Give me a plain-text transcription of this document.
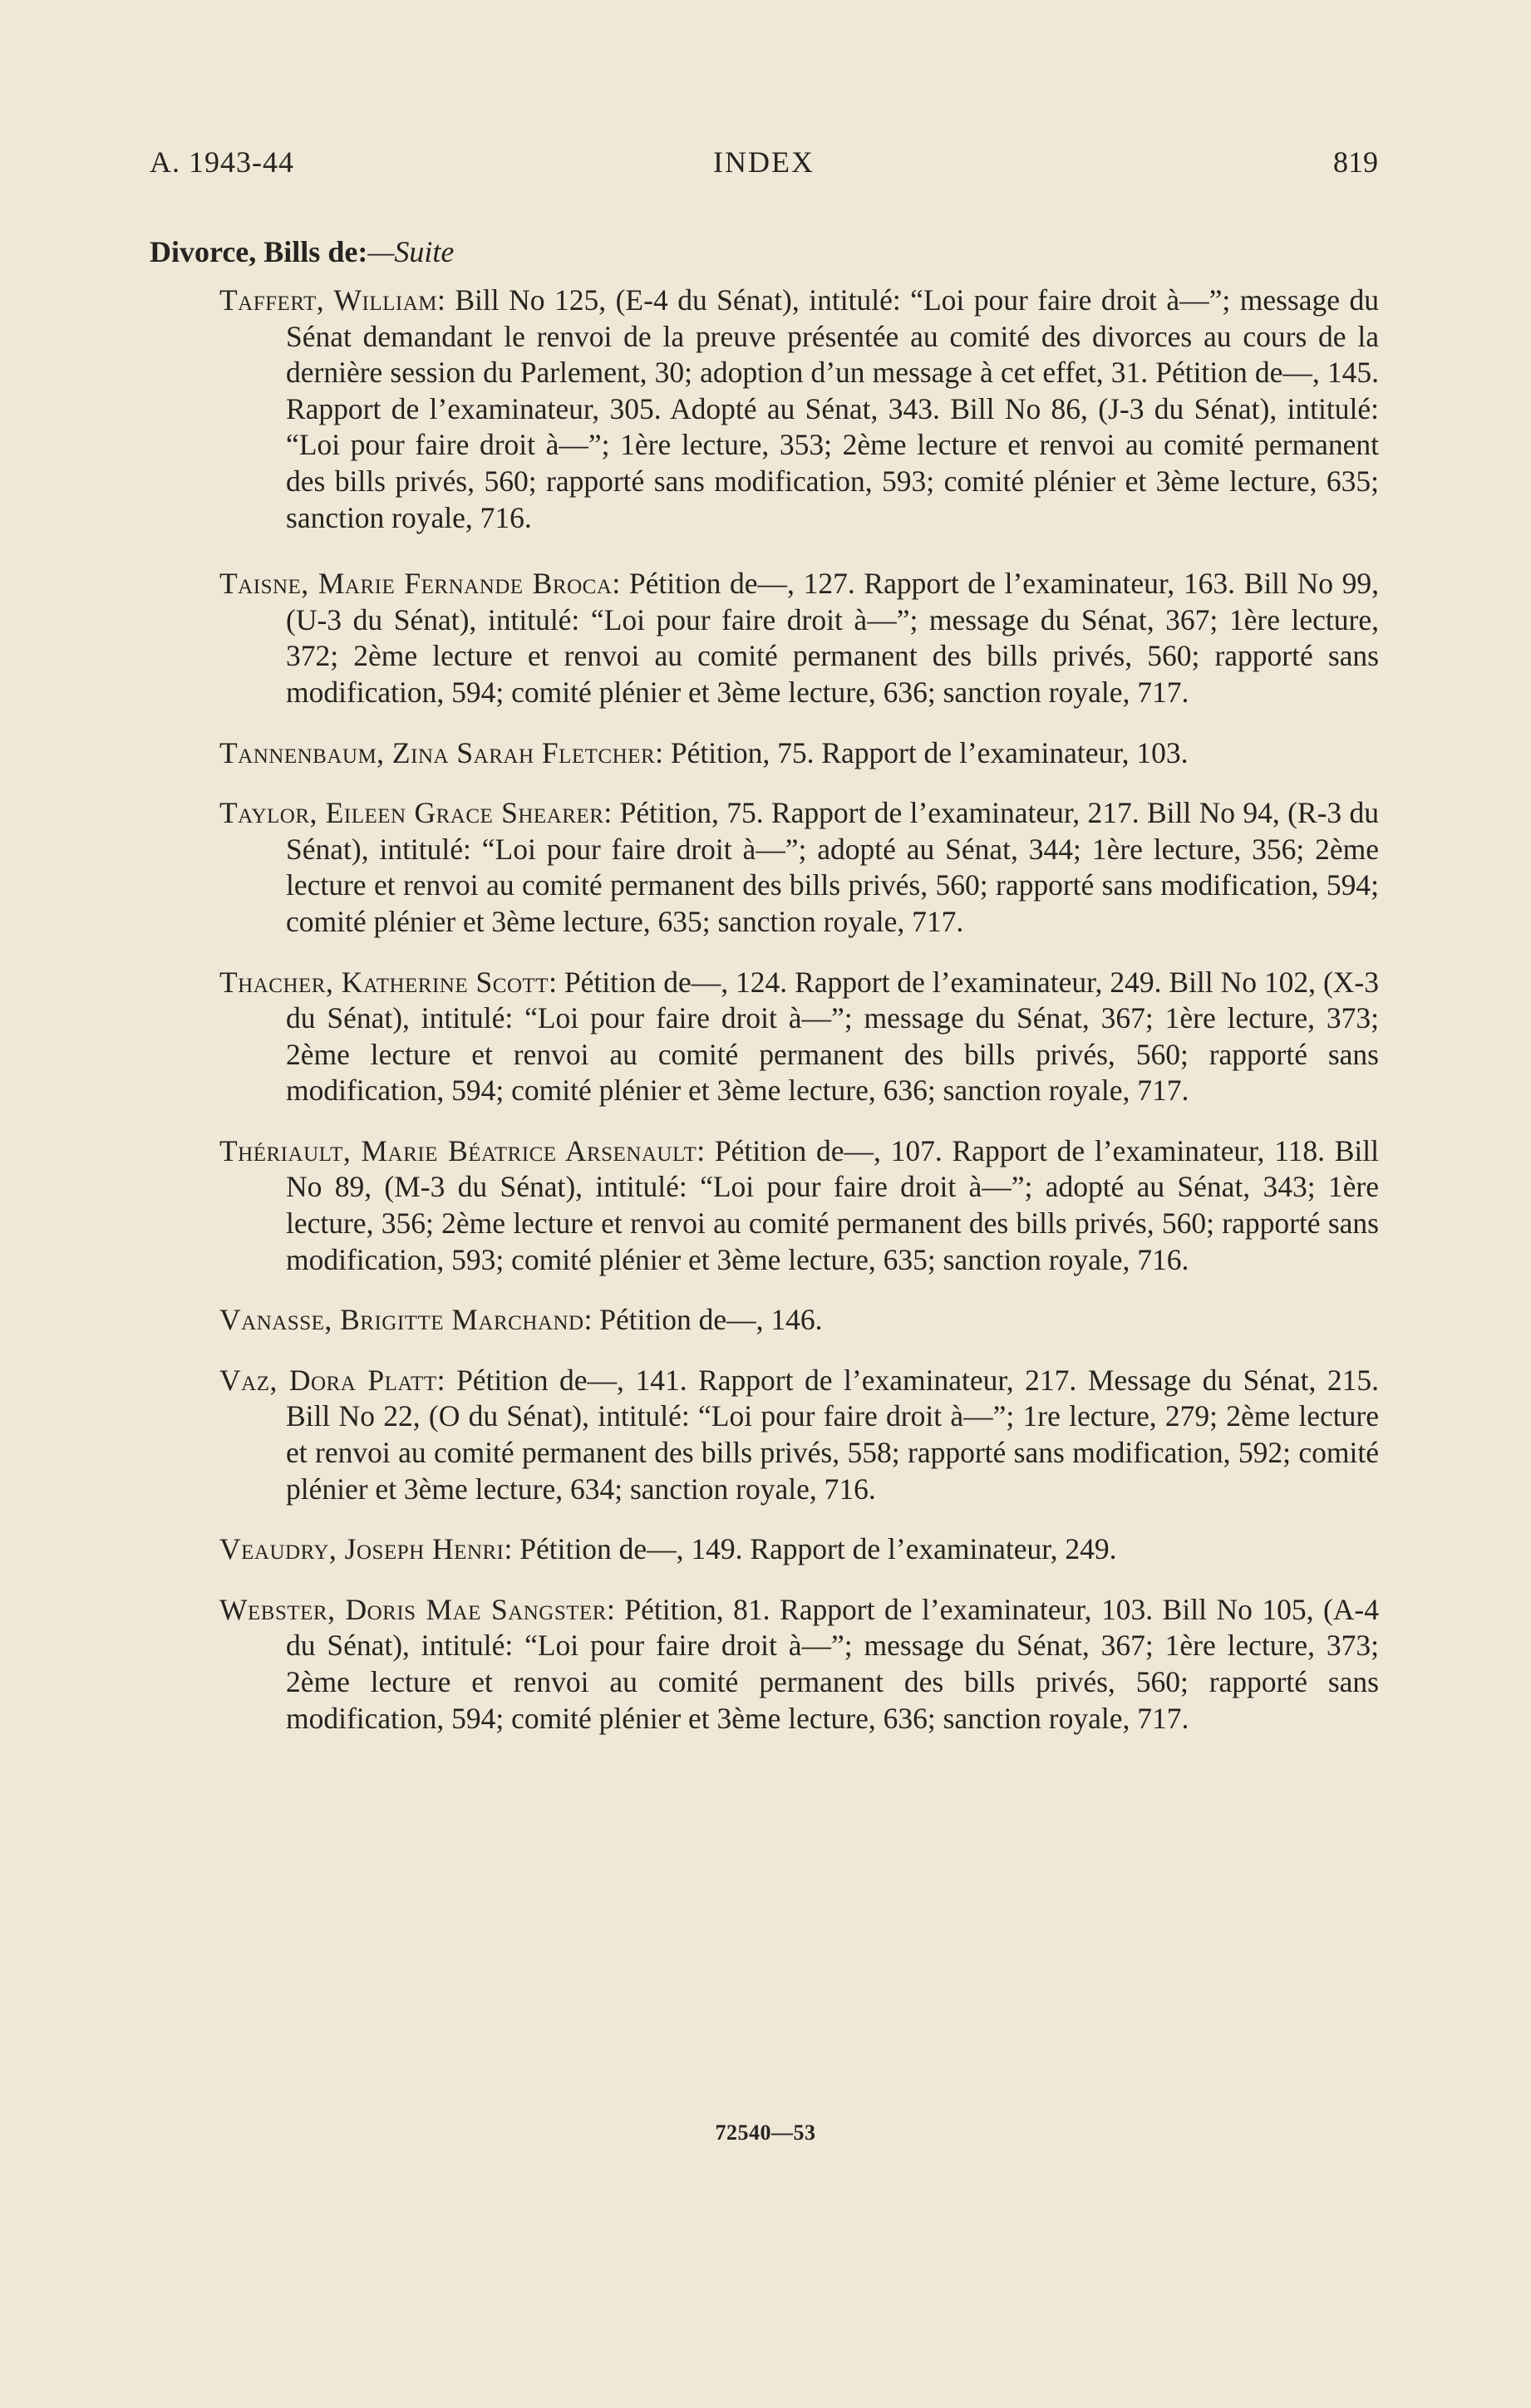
A. 1943-44	INDEX	819
Divorce, Bills de:—Suite

Taffert, William: Bill No 125, (E-4 du Sénat), intitulé: “Loi pour faire droit à—”; message du Sénat demandant le renvoi de la preuve présentée au comité des divorces au cours de la dernière session du Parlement, 30; adoption d’un message à cet effet, 31. Pétition de—, 145. Rapport de l’examinateur, 305. Adopté au Sénat, 343. Bill No 86, (J-3 du Sénat), intitulé: “Loi pour faire droit à—”; 1ère lecture, 353; 2ème lecture et renvoi au comité permanent des bills privés, 560; rapporté sans modification, 593; comité plénier et 3ème lecture, 635; sanction royale, 716.

Taisne, Marie Fernande Broca: Pétition de—, 127. Rapport de l’examinateur, 163. Bill No 99, (U-3 du Sénat), intitulé: “Loi pour faire droit à—”; message du Sénat, 367; 1ère lecture, 372; 2ème lecture et renvoi au comité permanent des bills privés, 560; rapporté sans modification, 594; comité plénier et 3ème lecture, 636; sanction royale, 717.

Tannenbaum, Zina Sarah Fletcher: Pétition, 75. Rapport de l’examinateur, 103.

Taylor, Eileen Grace Shearer: Pétition, 75. Rapport de l’examinateur, 217. Bill No 94, (R-3 du Sénat), intitulé: “Loi pour faire droit à—”; adopté au Sénat, 344; 1ère lecture, 356; 2ème lecture et renvoi au comité permanent des bills privés, 560; rapporté sans modification, 594; comité plénier et 3ème lecture, 635; sanction royale, 717.

Thacher, Katherine Scott: Pétition de—, 124. Rapport de l’examinateur, 249. Bill No 102, (X-3 du Sénat), intitulé: “Loi pour faire droit à—”; message du Sénat, 367; 1ère lecture, 373; 2ème lecture et renvoi au comité permanent des bills privés, 560; rapporté sans modification, 594; comité plénier et 3ème lecture, 636; sanction royale, 717.

Thériault, Marie Béatrice Arsenault: Pétition de—, 107. Rapport de l’examinateur, 118. Bill No 89, (M-3 du Sénat), intitulé: “Loi pour faire droit à—”; adopté au Sénat, 343; 1ère lecture, 356; 2ème lecture et renvoi au comité permanent des bills privés, 560; rapporté sans modification, 593; comité plénier et 3ème lecture, 635; sanction royale, 716.

Vanasse, Brigitte Marchand: Pétition de—, 146.

Vaz, Dora Platt: Pétition de—, 141. Rapport de l’examinateur, 217. Message du Sénat, 215. Bill No 22, (O du Sénat), intitulé: “Loi pour faire droit à—”; 1re lecture, 279; 2ème lecture et renvoi au comité permanent des bills privés, 558; rapporté sans modification, 592; comité plénier et 3ème lecture, 634; sanction royale, 716.

Veaudry, Joseph Henri: Pétition de—, 149. Rapport de l’examinateur, 249.

Webster, Doris Mae Sangster: Pétition, 81. Rapport de l’examinateur, 103. Bill No 105, (A-4 du Sénat), intitulé: “Loi pour faire droit à—”; message du Sénat, 367; 1ère lecture, 373; 2ème lecture et renvoi au comité permanent des bills privés, 560; rapporté sans modification, 594; comité plénier et 3ème lecture, 636; sanction royale, 717.

72540—53
